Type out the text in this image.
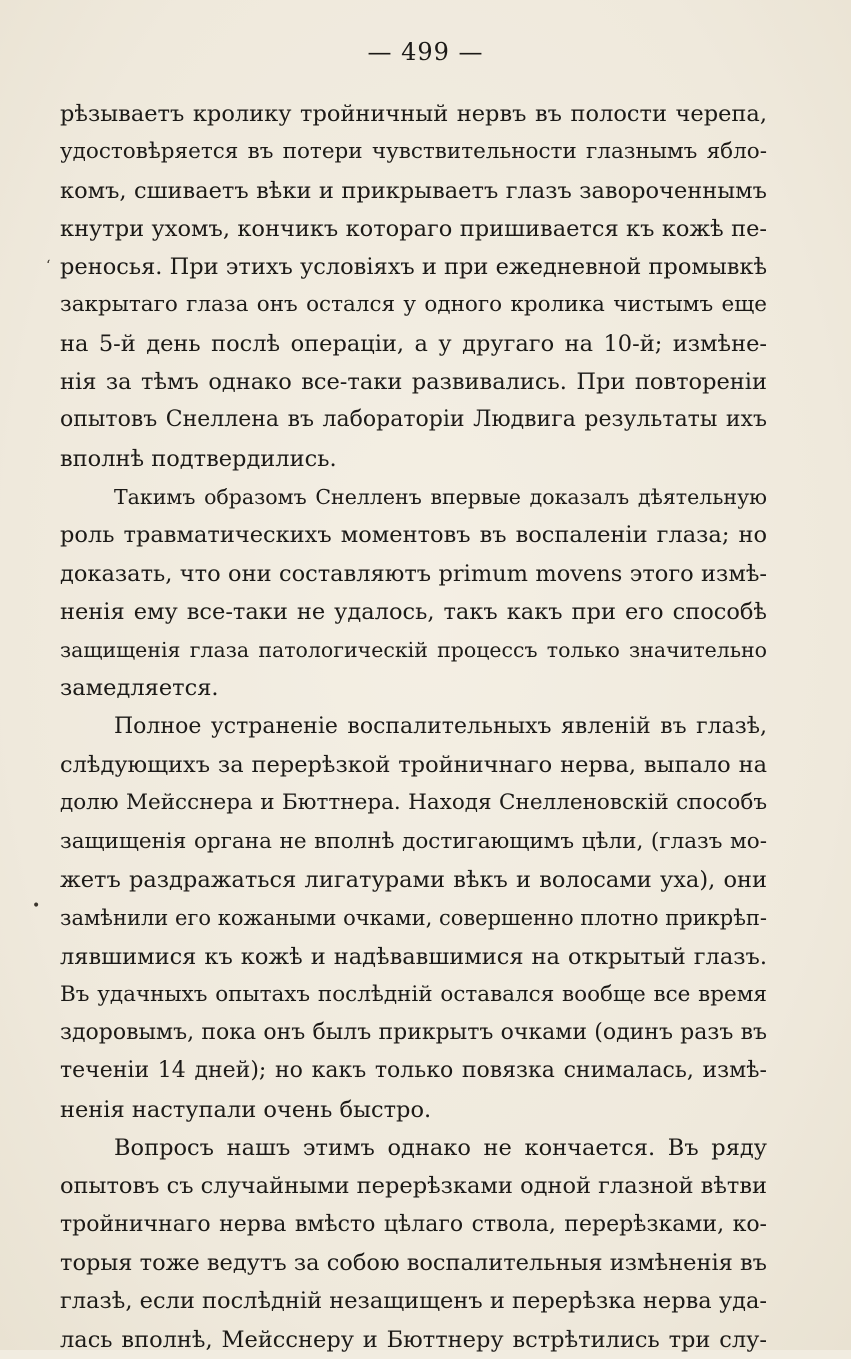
— 499 —
рѣзываетъ кролику тройничный нервъ въ полости черепа,
удостовѣряется въ потери чувствительности глазнымъ ябло-
комъ, сшиваетъ вѣки и прикрываетъ глазъ завороченнымъ
кнутри ухомъ, кончикъ котораго пришивается къ кожѣ пе-
реносья. При этихъ условіяхъ и при ежедневной промывкѣ
закрытаго глаза онъ остался у одного кролика чистымъ еще
на 5-й день послѣ операціи, а у другаго на 10-й; измѣне-
нія за тѣмъ однако все-таки развивались. При повтореніи
опытовъ Снеллена въ лабораторіи Людвига результаты ихъ
вполнѣ подтвердились.
Такимъ образомъ Снелленъ впервые доказалъ дѣятельную
роль травматическихъ моментовъ въ воспаленіи глаза; но
доказать, что они составляютъ primum movens этого измѣ-
ненія ему все-таки не удалось, такъ какъ при его способѣ
защищенія глаза патологическій процессъ только значительно
замедляется.
Полное устраненіе воспалительныхъ явленій въ глазѣ,
слѣдующихъ за перерѣзкой тройничнаго нерва, выпало на
долю Мейсснера и Бюттнера. Находя Снелленовскій способъ
защищенія органа не вполнѣ достигающимъ цѣли, (глазъ мо-
жетъ раздражаться лигатурами вѣкъ и волосами уха), они
замѣнили его кожаными очками, совершенно плотно прикрѣп-
лявшимися къ кожѣ и надѣвавшимися на открытый глазъ.
Въ удачныхъ опытахъ послѣдній оставался вообще все время
здоровымъ, пока онъ былъ прикрытъ очками (одинъ разъ въ
теченіи 14 дней); но какъ только повязка снималась, измѣ-
ненія наступали очень быстро.
Вопросъ нашъ этимъ однако не кончается. Въ ряду
опытовъ съ случайными перерѣзками одной глазной вѣтви
тройничнаго нерва вмѣсто цѣлаго ствола, перерѣзками, ко-
торыя тоже ведутъ за собою воспалительныя измѣненія въ
глазѣ, если послѣдній незащищенъ и перерѣзка нерва уда-
лась вполнѣ, Мейсснеру и Бюттнеру встрѣтились три слу-
ʻ
•
